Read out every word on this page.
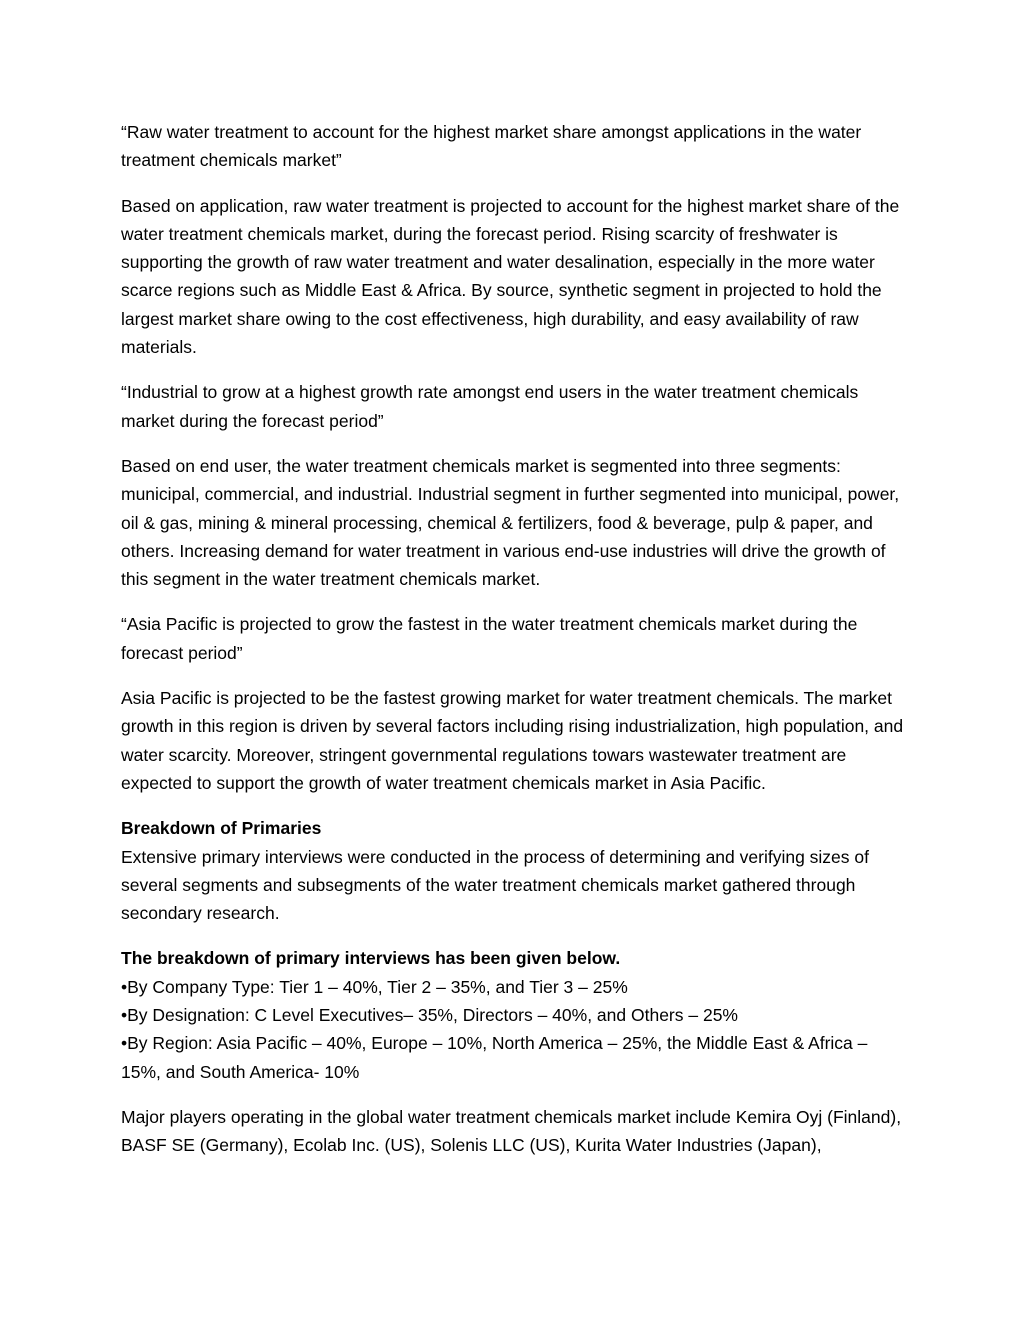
“Raw water treatment to account for the highest market share amongst applications in the water treatment chemicals market”

Based on application, raw water treatment is projected to account for the highest market share of the water treatment chemicals market, during the forecast period. Rising scarcity of freshwater is supporting the growth of raw water treatment and water desalination, especially in the more water scarce regions such as Middle East & Africa. By source, synthetic segment in projected to hold the largest market share owing to the cost effectiveness, high durability, and easy availability of raw materials.

“Industrial to grow at a highest growth rate amongst end users in the water treatment chemicals market during the forecast period”

Based on end user, the water treatment chemicals market is segmented into three segments: municipal, commercial, and industrial. Industrial segment in further segmented into municipal, power, oil & gas, mining & mineral processing, chemical & fertilizers, food & beverage, pulp & paper, and others. Increasing demand for water treatment in various end-use industries will drive the growth of this segment in the water treatment chemicals market.

“Asia Pacific is projected to grow the fastest in the water treatment chemicals market during the forecast period”

Asia Pacific is projected to be the fastest growing market for water treatment chemicals. The market growth in this region is driven by several factors including rising industrialization, high population, and water scarcity. Moreover, stringent governmental regulations towars wastewater treatment are expected to support the growth of water treatment chemicals market in Asia Pacific.

Breakdown of Primaries
Extensive primary interviews were conducted in the process of determining and verifying sizes of several segments and subsegments of the water treatment chemicals market gathered through secondary research.

The breakdown of primary interviews has been given below.
•By Company Type: Tier 1 – 40%, Tier 2 – 35%, and Tier 3 – 25%
•By Designation: C Level Executives– 35%, Directors – 40%, and Others – 25%
•By Region: Asia Pacific – 40%, Europe – 10%, North America – 25%, the Middle East & Africa – 15%, and South America- 10%

Major players operating in the global water treatment chemicals market include Kemira Oyj (Finland), BASF SE (Germany), Ecolab Inc. (US), Solenis LLC (US), Kurita Water Industries (Japan),
